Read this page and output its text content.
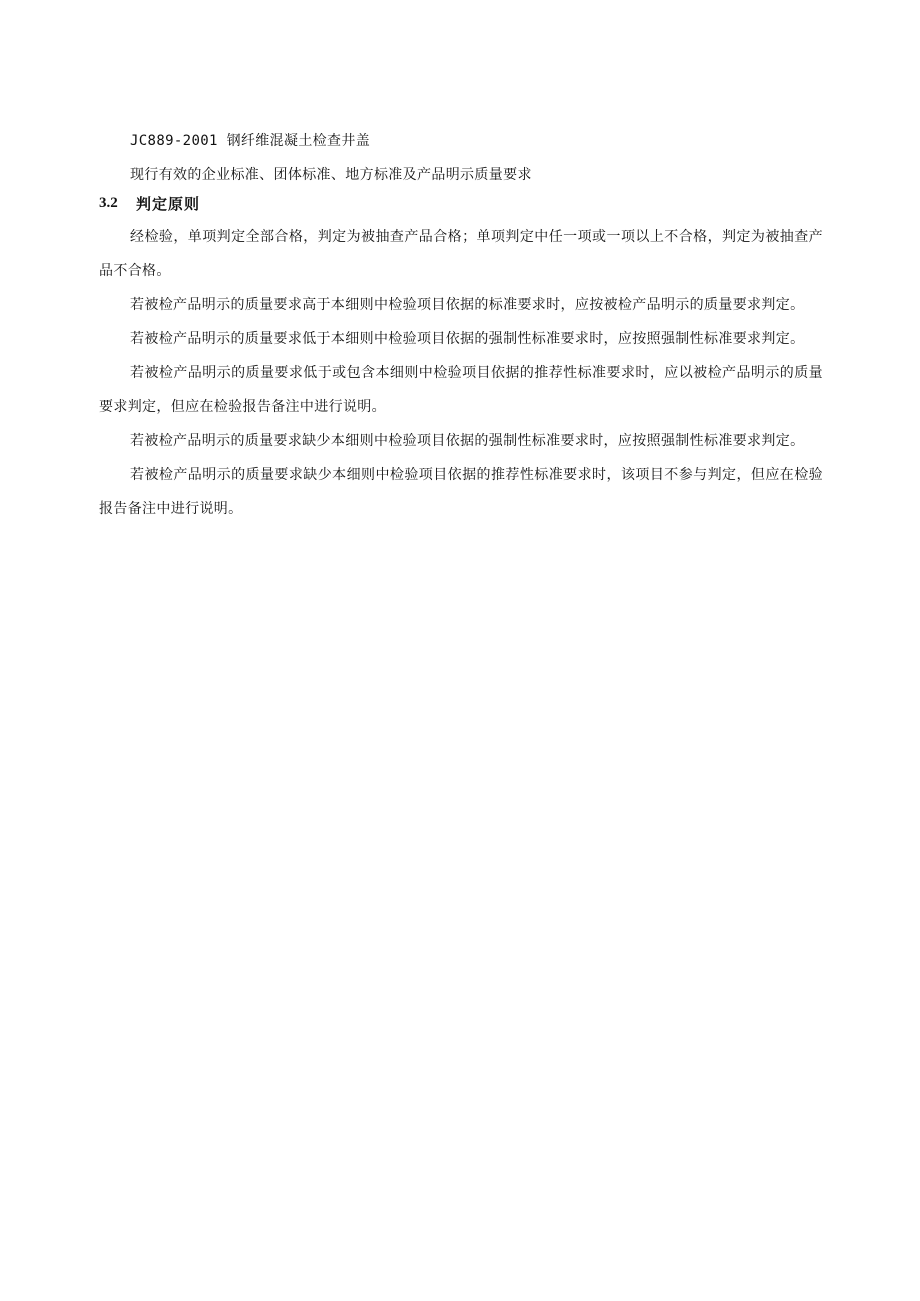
JC889-2001 钢纤维混凝土检查井盖

现行有效的企业标准、团体标准、地方标准及产品明示质量要求

3.2	判定原则

经检验，单项判定全部合格，判定为被抽查产品合格；单项判定中任一项或一项以上不合格，判定为被抽查产品不合格。

若被检产品明示的质量要求高于本细则中检验项目依据的标准要求时，应按被检产品明示的质量要求判定。

若被检产品明示的质量要求低于本细则中检验项目依据的强制性标准要求时，应按照强制性标准要求判定。

若被检产品明示的质量要求低于或包含本细则中检验项目依据的推荐性标准要求时，应以被检产品明示的质量要求判定，但应在检验报告备注中进行说明。

若被检产品明示的质量要求缺少本细则中检验项目依据的强制性标准要求时，应按照强制性标准要求判定。

若被检产品明示的质量要求缺少本细则中检验项目依据的推荐性标准要求时，该项目不参与判定，但应在检验报告备注中进行说明。
